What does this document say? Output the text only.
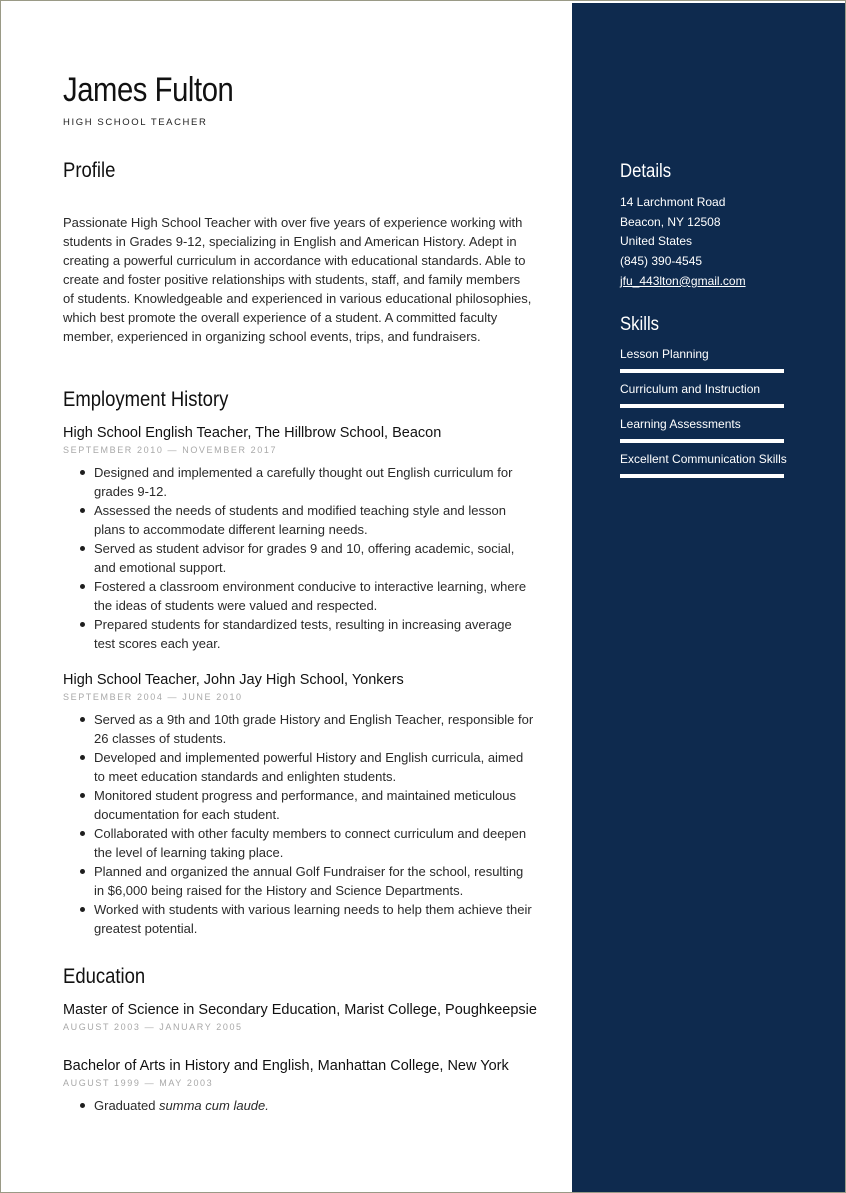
James Fulton
HIGH SCHOOL TEACHER
Profile
Passionate High School Teacher with over five years of experience working with students in Grades 9-12, specializing in English and American History. Adept in creating a powerful curriculum in accordance with educational standards. Able to create and foster positive relationships with students, staff, and family members of students. Knowledgeable and experienced in various educational philosophies, which best promote the overall experience of a student. A committed faculty member, experienced in organizing school events, trips, and fundraisers.
Employment History
High School English Teacher, The Hillbrow School, Beacon
SEPTEMBER 2010 — NOVEMBER 2017
Designed and implemented a carefully thought out English curriculum for grades 9-12.
Assessed the needs of students and modified teaching style and lesson plans to accommodate different learning needs.
Served as student advisor for grades 9 and 10, offering academic, social, and emotional support.
Fostered a classroom environment conducive to interactive learning, where the ideas of students were valued and respected.
Prepared students for standardized tests, resulting in increasing average test scores each year.
High School Teacher, John Jay High School, Yonkers
SEPTEMBER 2004 — JUNE 2010
Served as a 9th and 10th grade History and English Teacher, responsible for 26 classes of students.
Developed and implemented powerful History and English curricula, aimed to meet education standards and enlighten students.
Monitored student progress and performance, and maintained meticulous documentation for each student.
Collaborated with other faculty members to connect curriculum and deepen the level of learning taking place.
Planned and organized the annual Golf Fundraiser for the school, resulting in $6,000 being raised for the History and Science Departments.
Worked with students with various learning needs to help them achieve their greatest potential.
Education
Master of Science in Secondary Education, Marist College, Poughkeepsie
AUGUST 2003 — JANUARY 2005
Bachelor of Arts in History and English, Manhattan College, New York
AUGUST 1999 — MAY 2003
Graduated summa cum laude.
Details
14 Larchmont Road
Beacon, NY 12508
United States
(845) 390-4545
jfu_443lton@gmail.com
Skills
Lesson Planning
Curriculum and Instruction
Learning Assessments
Excellent Communication Skills
